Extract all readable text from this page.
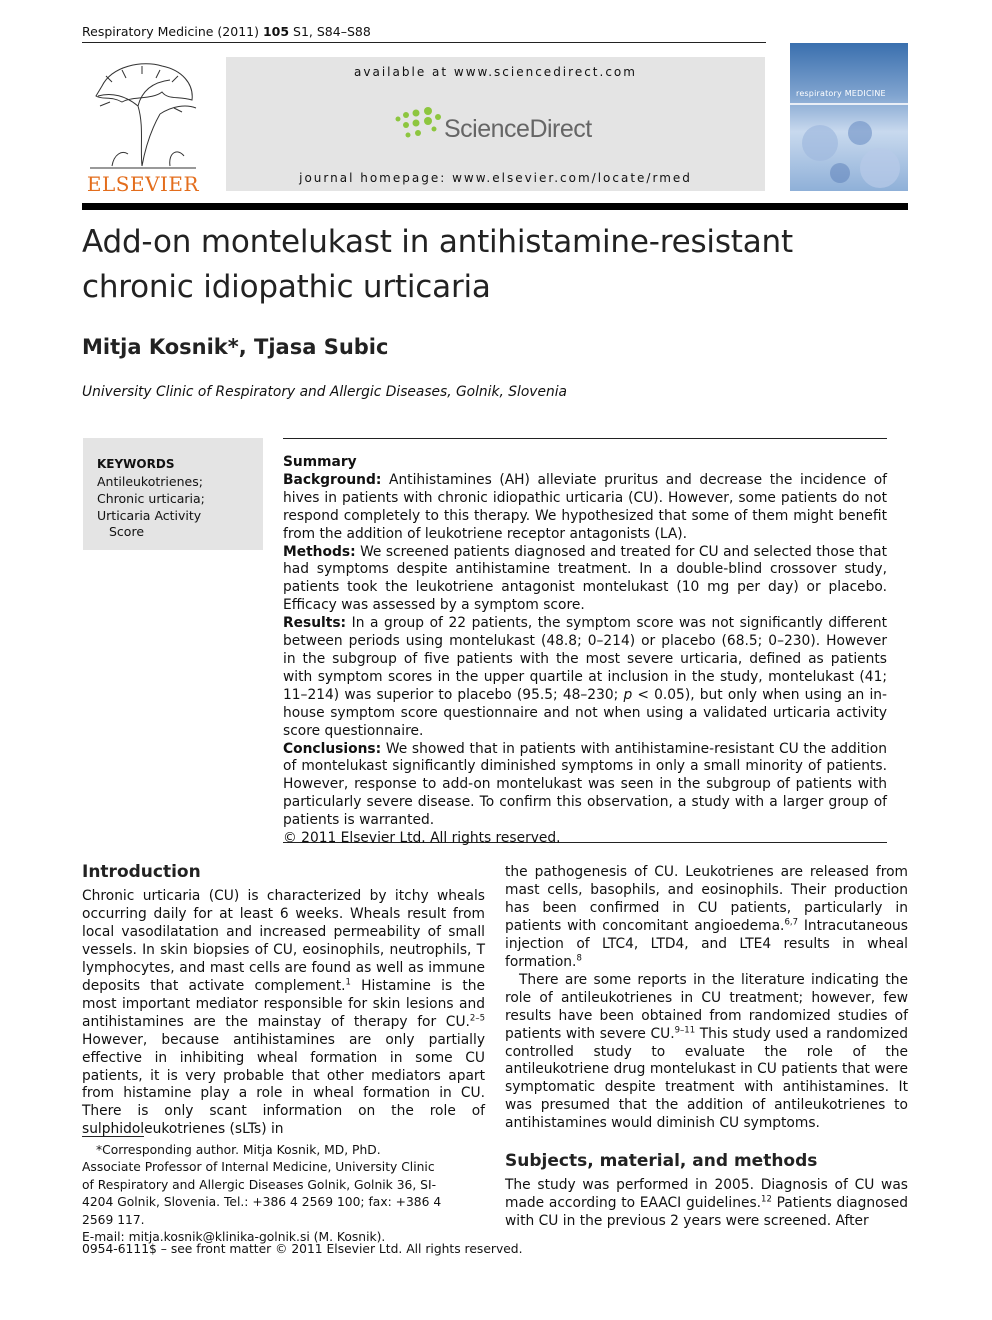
Respiratory Medicine (2011) 105 S1, S84–S88
ELSEVIER
available at www.sciencedirect.com
ScienceDirect
journal homepage: www.elsevier.com/locate/rmed
respiratory MEDICINE
Add-on montelukast in antihistamine-resistant chronic idiopathic urticaria
Mitja Kosnik*, Tjasa Subic
University Clinic of Respiratory and Allergic Diseases, Golnik, Slovenia
KEYWORDS
Antileukotrienes;
Chronic urticaria;
Urticaria Activity
Score

Summary

Background: Antihistamines (AH) alleviate pruritus and decrease the incidence of hives in patients with chronic idiopathic urticaria (CU). However, some patients do not respond completely to this therapy. We hypothesized that some of them might benefit from the addition of leukotriene receptor antagonists (LA).

Methods: We screened patients diagnosed and treated for CU and selected those that had symptoms despite antihistamine treatment. In a double-blind crossover study, patients took the leukotriene antagonist montelukast (10 mg per day) or placebo. Efficacy was assessed by a symptom score.

Results: In a group of 22 patients, the symptom score was not significantly different between periods using montelukast (48.8; 0–214) or placebo (68.5; 0–230). However in the subgroup of five patients with the most severe urticaria, defined as patients with symptom scores in the upper quartile at inclusion in the study, montelukast (41; 11–214) was superior to placebo (95.5; 48–230; p < 0.05), but only when using an in-house symptom score questionnaire and not when using a validated urticaria activity score questionnaire.

Conclusions: We showed that in patients with antihistamine-resistant CU the addition of montelukast significantly diminished symptoms in only a small minority of patients. However, response to add-on montelukast was seen in the subgroup of patients with particularly severe disease. To confirm this observation, a study with a larger group of patients is warranted.

© 2011 Elsevier Ltd. All rights reserved.

Introduction

Chronic urticaria (CU) is characterized by itchy wheals occurring daily for at least 6 weeks. Wheals result from local vasodilatation and increased permeability of small vessels. In skin biopsies of CU, eosinophils, neutrophils, T lymphocytes, and mast cells are found as well as immune deposits that activate complement.$^1$ Histamine is the most important mediator responsible for skin lesions and antihistamines are the mainstay of therapy for CU.$^{2-5}$ However, because antihistamines are only partially effective in inhibiting wheal formation in some CU patients, it is very probable that other mediators apart from histamine play a role in wheal formation in CU. There is only scant information on the role of sulphidoleukotrienes (sLTs) in

the pathogenesis of CU. Leukotrienes are released from mast cells, basophils, and eosinophils. Their production has been confirmed in CU patients, particularly in patients with concomitant angioedema.$^{6,7}$ Intracutaneous injection of LTC4, LTD4, and LTE4 results in wheal formation.$^8$

There are some reports in the literature indicating the role of antileukotrienes in CU treatment; however, few results have been obtained from randomized studies of patients with severe CU.$^{9-11}$ This study used a randomized controlled study to evaluate the role of the antileukotriene drug montelukast in CU patients that were symptomatic despite treatment with antihistamines. It was presumed that the addition of antileukotrienes to antihistamines would diminish CU symptoms.

Subjects, material, and methods

The study was performed in 2005. Diagnosis of CU was made according to EAACI guidelines.$^{12}$ Patients diagnosed with CU in the previous 2 years were screened. After

*Corresponding author. Mitja Kosnik, MD, PhD. Associate Professor of Internal Medicine, University Clinic of Respiratory and Allergic Diseases Golnik, Golnik 36, SI-4204 Golnik, Slovenia. Tel.: +386 4 2569 100; fax: +386 4 2569 117.

E-mail: mitja.kosnik@klinika-golnik.si (M. Kosnik).

0954-6111$ – see front matter © 2011 Elsevier Ltd. All rights reserved.
